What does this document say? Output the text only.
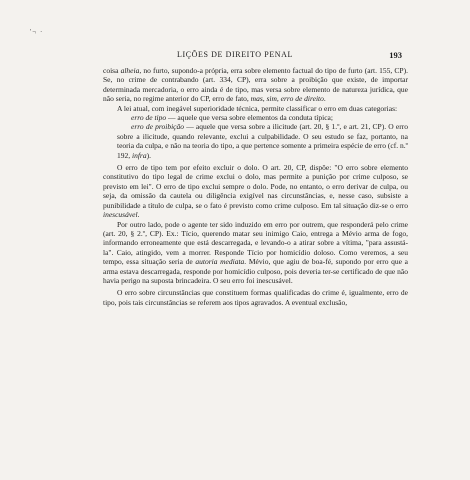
'¬ ·
LIÇÕES DE DIREITO PENAL	193

coisa alheia, no furto, supondo-a própria, erra sobre elemento factual do tipo de furto (art. 155, CP). Se, no crime de contrabando (art. 334, CP), erra sobre a proibição que existe, de importar determinada mercadoria, o erro ainda é de tipo, mas versa sobre elemento de natureza jurídica, que não seria, no regime anterior do CP, erro de fato, mas, sim, erro de direito.

A lei atual, com inegável superioridade técnica, permite classificar o erro em duas categorias:

erro de tipo — aquele que versa sobre elementos da conduta típica;

erro de proibição — aquele que versa sobre a ilicitude (art. 20, § 1.º, e art. 21, CP). O erro sobre a ilicitude, quando relevante, exclui a culpabilidade. O seu estudo se faz, portanto, na teoria da culpa, e não na teoria do tipo, a que pertence somente a primeira espécie de erro (cf. n.º 192, infra).

O erro de tipo tem por efeito excluir o dolo. O art. 20, CP, dispõe: "O erro sobre elemento constitutivo do tipo legal de crime exclui o dolo, mas permite a punição por crime culposo, se previsto em lei". O erro de tipo exclui sempre o dolo. Pode, no entanto, o erro derivar de culpa, ou seja, da omissão da cautela ou diligência exigível nas circunstâncias, e, nesse caso, subsiste a punibilidade a título de culpa, se o fato é previsto como crime culposo. Em tal situação diz-se o erro inescusável.

Por outro lado, pode o agente ter sido induzido em erro por outrem, que responderá pelo crime (art. 20, § 2.º, CP). Ex.: Tício, querendo matar seu inimigo Caio, entrega a Mévio arma de fogo, informando erroneamente que está descarregada, e levando-o a atirar sobre a vítima, "para assustá-la". Caio, atingido, vem a morrer. Responde Tício por homicídio doloso. Como veremos, a seu tempo, essa situação seria de autoria mediata. Mévio, que agiu de boa-fé, supondo por erro que a arma estava descarregada, responde por homicídio culposo, pois deveria ter-se certificado de que não havia perigo na suposta brincadeira. O seu erro foi inescusável.

O erro sobre circunstâncias que constituem formas qualificadas do crime é, igualmente, erro de tipo, pois tais circunstâncias se referem aos tipos agravados. A eventual exclusão,
